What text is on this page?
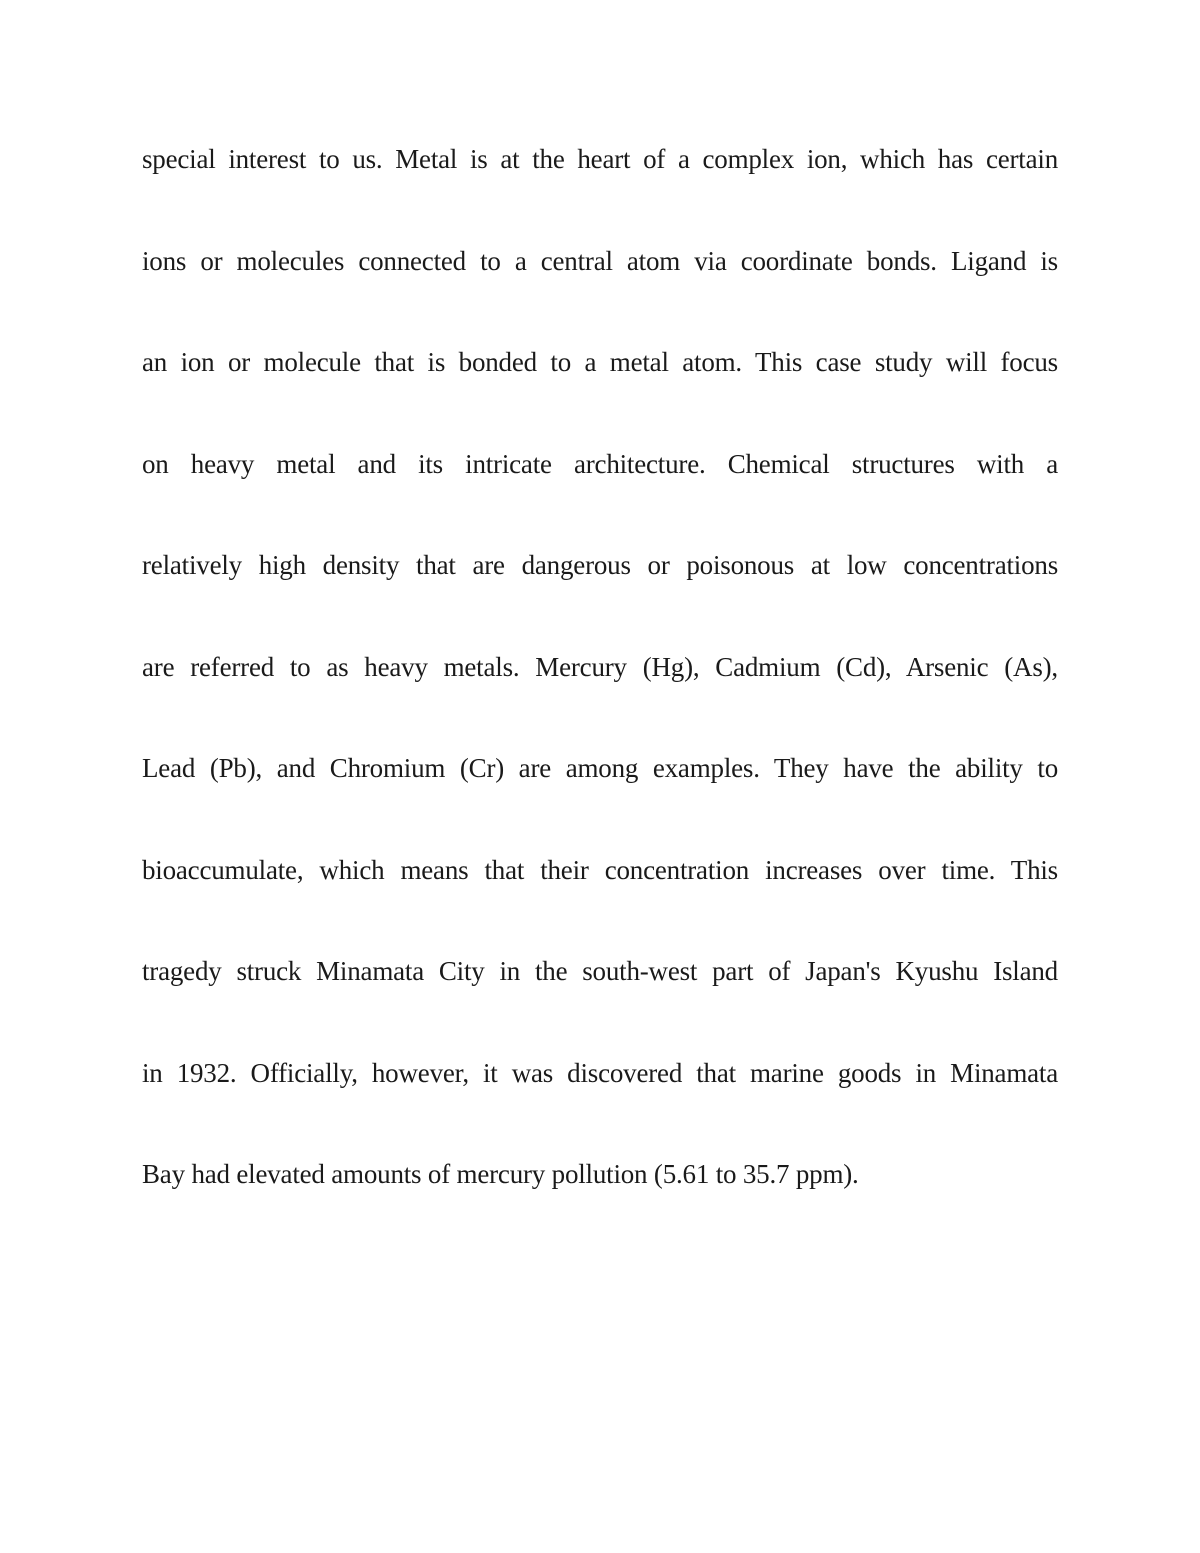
special interest to us. Metal is at the heart of a complex ion, which has certain
ions or molecules connected to a central atom via coordinate bonds. Ligand is
an ion or molecule that is bonded to a metal atom. This case study will focus
on heavy metal and its intricate architecture. Chemical structures with a
relatively high density that are dangerous or poisonous at low concentrations
are referred to as heavy metals. Mercury (Hg), Cadmium (Cd), Arsenic (As),
Lead (Pb), and Chromium (Cr) are among examples. They have the ability to
bioaccumulate, which means that their concentration increases over time. This
tragedy struck Minamata City in the south-west part of Japan's Kyushu Island
in 1932. Officially, however, it was discovered that marine goods in Minamata
Bay had elevated amounts of mercury pollution (5.61 to 35.7 ppm).
